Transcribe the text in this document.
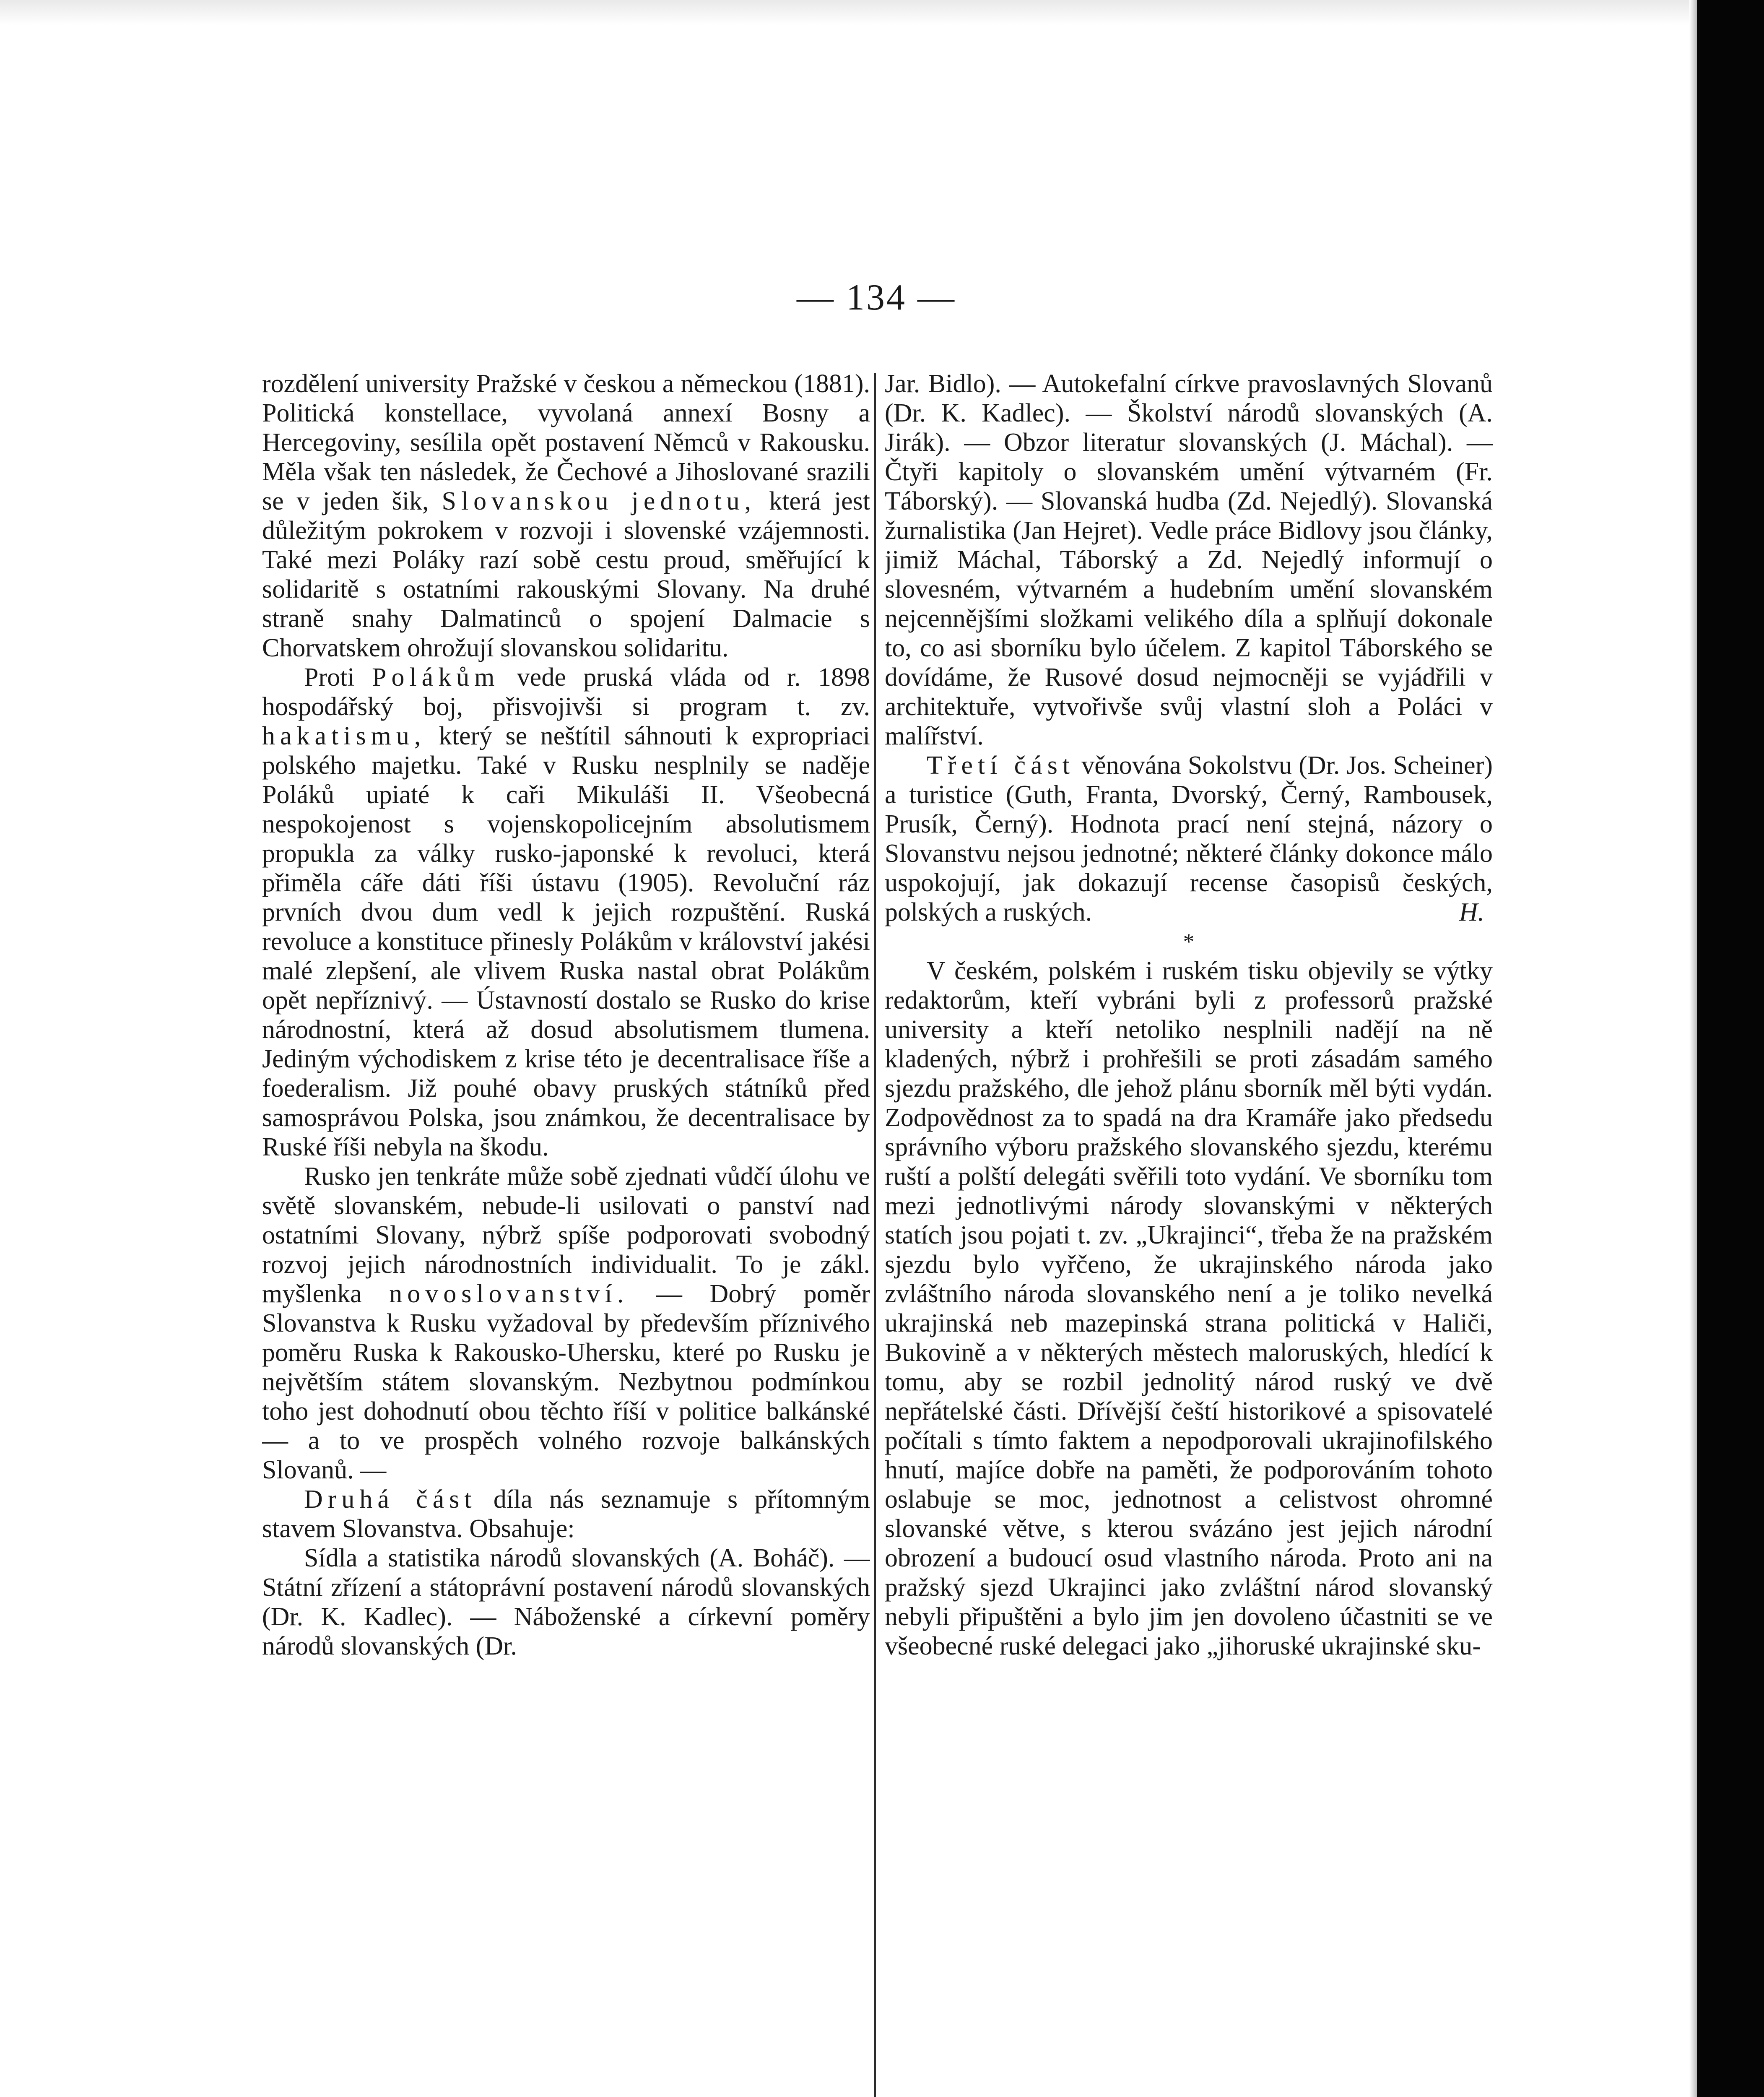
— 134 —

rozdělení university Pražské v českou a německou (1881). Politická konstellace, vyvolaná annexí Bosny a Hercegoviny, sesílila opět postavení Němců v Rakousku. Měla však ten následek, že Čechové a Jihoslované srazili se v jeden šik, Slovanskou jednotu, která jest důležitým pokrokem v rozvoji i slovenské vzájemnosti. Také mezi Poláky razí sobě cestu proud, směřující k solidaritě s ostatními rakouskými Slovany. Na druhé straně snahy Dalmatinců o spojení Dalmacie s Chorvatskem ohrožují slovanskou solidaritu.

Proti Polákům vede pruská vláda od r. 1898 hospodářský boj, přisvojivši si program t. zv. hakatismu, který se neštítil sáhnouti k expropriaci polského majetku. Také v Rusku nesplnily se naděje Poláků upiaté k caři Mikuláši II. Všeobecná nespokojenost s vojenskopolicejním absolutismem propukla za války rusko-japonské k revoluci, která přiměla cáře dáti říši ústavu (1905). Revoluční ráz prvních dvou dum vedl k jejich rozpuštění. Ruská revoluce a konstituce přinesly Polákům v království jakési malé zlepšení, ale vlivem Ruska nastal obrat Polákům opět nepříznivý. — Ústavností dostalo se Rusko do krise národnostní, která až dosud absolutismem tlumena. Jediným východiskem z krise této je decentralisace říše a foederalism. Již pouhé obavy pruských státníků před samosprávou Polska, jsou známkou, že decentralisace by Ruské říši nebyla na škodu.

Rusko jen tenkráte může sobě zjednati vůdčí úlohu ve světě slovanském, nebude-li usilovati o panství nad ostatními Slovany, nýbrž spíše podporovati svobodný rozvoj jejich národnostních individualit. To je zákl. myšlenka novoslovanství. — Dobrý poměr Slovanstva k Rusku vyžadoval by především příznivého poměru Ruska k Rakousko-Uhersku, které po Rusku je největším státem slovanským. Nezbytnou podmínkou toho jest dohodnutí obou těchto říší v politice balkánské — a to ve prospěch volného rozvoje balkánských Slovanů. —

Druhá část díla nás seznamuje s přítomným stavem Slovanstva. Obsahuje:

Sídla a statistika národů slovanských (A. Boháč). — Státní zřízení a státoprávní postavení národů slovanských (Dr. K. Kadlec). — Náboženské a církevní poměry národů slovanských (Dr.

Jar. Bidlo). — Autokefalní církve pravoslavných Slovanů (Dr. K. Kadlec). — Školství národů slovanských (A. Jirák). — Obzor literatur slovanských (J. Máchal). — Čtyři kapitoly o slovanském umění výtvarném (Fr. Táborský). — Slovanská hudba (Zd. Nejedlý). Slovanská žurnalistika (Jan Hejret). Vedle práce Bidlovy jsou články, jimiž Máchal, Táborský a Zd. Nejedlý informují o slovesném, výtvarném a hudebním umění slovanském nejcennějšími složkami velikého díla a splňují dokonale to, co asi sborníku bylo účelem. Z kapitol Táborského se dovídáme, že Rusové dosud nejmocněji se vyjádřili v architektuře, vytvořivše svůj vlastní sloh a Poláci v malířství.

Třetí část věnována Sokolstvu (Dr. Jos. Scheiner) a turistice (Guth, Franta, Dvorský, Černý, Rambousek, Prusík, Černý). Hodnota prací není stejná, názory o Slovanstvu nejsou jednotné; některé články dokonce málo uspokojují, jak dokazují recense časopisů českých, polských a ruských.	H.

*

V českém, polském i ruském tisku objevily se výtky redaktorům, kteří vybráni byli z professorů pražské university a kteří netoliko nesplnili nadějí na ně kladených, nýbrž i prohřešili se proti zásadám samého sjezdu pražského, dle jehož plánu sborník měl býti vydán. Zodpovědnost za to spadá na dra Kramáře jako předsedu správního výboru pražského slovanského sjezdu, kterému ruští a polští delegáti svěřili toto vydání. Ve sborníku tom mezi jednotlivými národy slovanskými v některých statích jsou pojati t. zv. „Ukrajinci“, třeba že na pražském sjezdu bylo vyřčeno, že ukrajinského národa jako zvláštního národa slovanského není a je toliko nevelká ukrajinská neb mazepinská strana politická v Haliči, Bukovině a v některých městech maloruských, hledící k tomu, aby se rozbil jednolitý národ ruský ve dvě nepřátelské části. Dřívější čeští historikové a spisovatelé počítali s tímto faktem a nepodporovali ukrajinofilského hnutí, majíce dobře na paměti, že podporováním tohoto oslabuje se moc, jednotnost a celistvost ohromné slovanské větve, s kterou svázáno jest jejich národní obrození a budoucí osud vlastního národa. Proto ani na pražský sjezd Ukrajinci jako zvláštní národ slovanský nebyli připuštěni a bylo jim jen dovoleno účastniti se ve všeobecné ruské delegaci jako „jihoruské ukrajinské sku-
